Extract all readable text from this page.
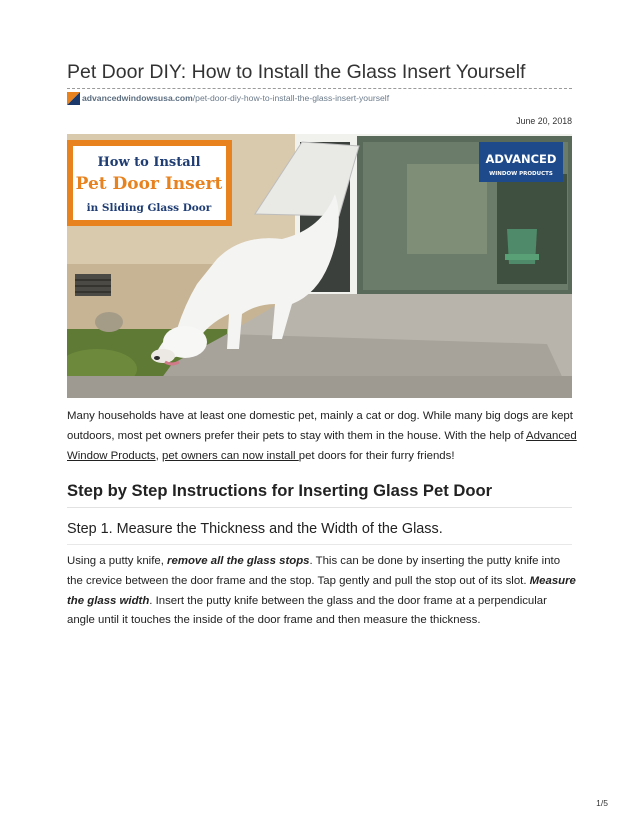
Pet Door DIY: How to Install the Glass Insert Yourself
advancedwindowsusa.com/pet-door-diy-how-to-install-the-glass-insert-yourself
June 20, 2018
How to Install
Pet Door Insert
in Sliding Glass Door
ADVANCED
WINDOW PRODUCTS

Many households have at least one domestic pet, mainly a cat or dog. While many big dogs are kept outdoors, most pet owners prefer their pets to stay with them in the house. With the help of Advanced Window Products, pet owners can now install pet doors for their furry friends!

Step by Step Instructions for Inserting Glass Pet Door
Step 1. Measure the Thickness and the Width of the Glass.

Using a putty knife, remove all the glass stops. This can be done by inserting the putty knife into the crevice between the door frame and the stop. Tap gently and pull the stop out of its slot. Measure the glass width. Insert the putty knife between the glass and the door frame at a perpendicular angle until it touches the inside of the door frame and then measure the thickness.

1/5
